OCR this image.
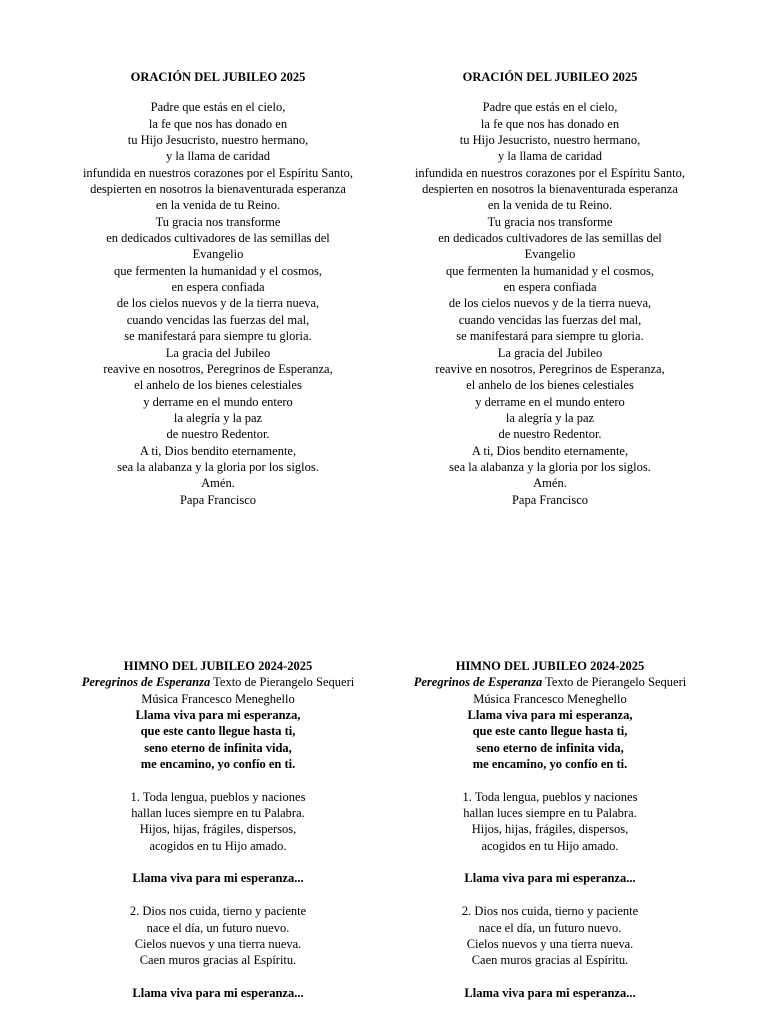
ORACIÓN DEL JUBILEO 2025
Padre que estás en el cielo,
la fe que nos has donado en
tu Hijo Jesucristo, nuestro hermano,
y la llama de caridad
infundida en nuestros corazones por el Espíritu Santo,
despierten en nosotros la bienaventurada esperanza
en la venida de tu Reino.
Tu gracia nos transforme
en dedicados cultivadores de las semillas del
Evangelio
que fermenten la humanidad y el cosmos,
en espera confiada
de los cielos nuevos y de la tierra nueva,
cuando vencidas las fuerzas del mal,
se manifestará para siempre tu gloria.
La gracia del Jubileo
reavive en nosotros, Peregrinos de Esperanza,
el anhelo de los bienes celestiales
y derrame en el mundo entero
la alegría y la paz
de nuestro Redentor.
A ti, Dios bendito eternamente,
sea la alabanza y la gloria por los siglos.
Amén.
Papa Francisco
ORACIÓN DEL JUBILEO 2025
Padre que estás en el cielo,
la fe que nos has donado en
tu Hijo Jesucristo, nuestro hermano,
y la llama de caridad
infundida en nuestros corazones por el Espíritu Santo,
despierten en nosotros la bienaventurada esperanza
en la venida de tu Reino.
Tu gracia nos transforme
en dedicados cultivadores de las semillas del
Evangelio
que fermenten la humanidad y el cosmos,
en espera confiada
de los cielos nuevos y de la tierra nueva,
cuando vencidas las fuerzas del mal,
se manifestará para siempre tu gloria.
La gracia del Jubileo
reavive en nosotros, Peregrinos de Esperanza,
el anhelo de los bienes celestiales
y derrame en el mundo entero
la alegría y la paz
de nuestro Redentor.
A ti, Dios bendito eternamente,
sea la alabanza y la gloria por los siglos.
Amén.
Papa Francisco
HIMNO DEL JUBILEO 2024-2025
Peregrinos de Esperanza Texto de Pierangelo Sequeri
Música Francesco Meneghello
Llama viva para mi esperanza,
que este canto llegue hasta ti,
seno eterno de infinita vida,
me encamino, yo confío en ti.
1. Toda lengua, pueblos y naciones
hallan luces siempre en tu Palabra.
Hijos, hijas, frágiles, dispersos,
acogidos en tu Hijo amado.
Llama viva para mi esperanza...
2. Dios nos cuida, tierno y paciente
nace el día, un futuro nuevo.
Cielos nuevos y una tierra nueva.
Caen muros gracias al Espíritu.
Llama viva para mi esperanza...
HIMNO DEL JUBILEO 2024-2025
Peregrinos de Esperanza Texto de Pierangelo Sequeri
Música Francesco Meneghello
Llama viva para mi esperanza,
que este canto llegue hasta ti,
seno eterno de infinita vida,
me encamino, yo confío en ti.
1. Toda lengua, pueblos y naciones
hallan luces siempre en tu Palabra.
Hijos, hijas, frágiles, dispersos,
acogidos en tu Hijo amado.
Llama viva para mi esperanza...
2. Dios nos cuida, tierno y paciente
nace el día, un futuro nuevo.
Cielos nuevos y una tierra nueva.
Caen muros gracias al Espíritu.
Llama viva para mi esperanza...
